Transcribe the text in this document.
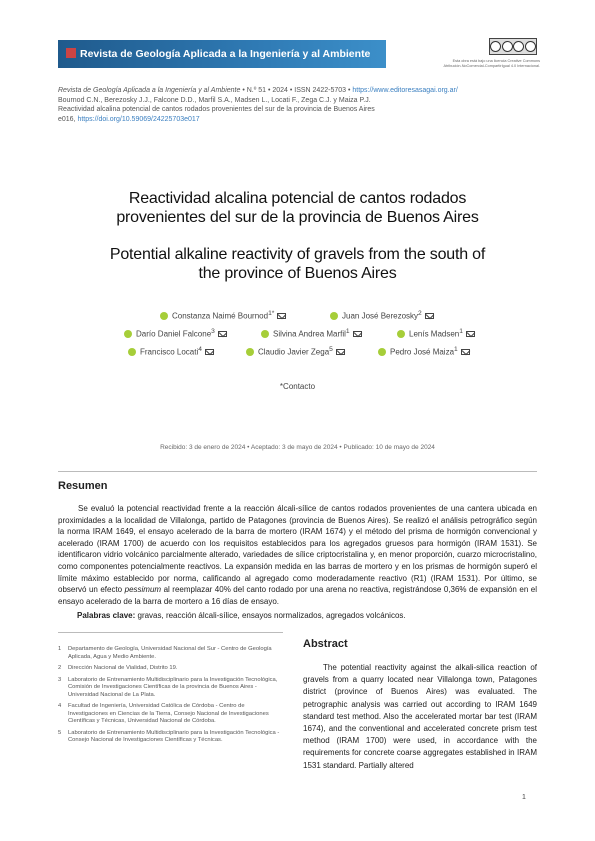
Revista de Geología Aplicada a la Ingeniería y al Ambiente
Esta obra está bajo una licencia Creative Commons Atribución-NoComercial-CompartirIgual 4.0 Internacional.
Revista de Geología Aplicada a la Ingeniería y al Ambiente • N.º 51 • 2024 • ISSN 2422-5703 • https://www.editoresasagai.org.ar/
Bournod C.N., Berezosky J.J., Falcone D.D., Marfil S.A., Madsen L., Locati F., Zega C.J. y Maiza P.J.
Reactividad alcalina potencial de cantos rodados provenientes del sur de la provincia de Buenos Aires
e016, https://doi.org/10.59069/24225703e017
Reactividad alcalina potencial de cantos rodados
provenientes del sur de la provincia de Buenos Aires
Potential alkaline reactivity of gravels from the south of
the province of Buenos Aires
Constanza Naimé Bournod$^{1*}$	Juan José Berezosky$^2$
Darío Daniel Falcone$^3$	Silvina Andrea Marfil$^1$	Lenís Madsen$^1$
Francisco Locati$^4$	Claudio Javier Zega$^5$	Pedro José Maiza$^1$
*Contacto
Recibido: 3 de enero de 2024 • Aceptado: 3 de mayo de 2024 • Publicado: 10 de mayo de 2024
Resumen
Se evaluó la potencial reactividad frente a la reacción álcali-sílice de cantos rodados provenientes de una cantera ubicada en proximidades a la localidad de Villalonga, partido de Patagones (provincia de Buenos Aires). Se realizó el análisis petrográfico según la norma IRAM 1649, el ensayo acelerado de la barra de mortero (IRAM 1674) y el método del prisma de hormigón convencional y acelerado (IRAM 1700) de acuerdo con los requisitos establecidos para los agregados gruesos para hormigón (IRAM 1531). Se identificaron vidrio volcánico parcialmente alterado, variedades de sílice criptocristalina y, en menor proporción, cuarzo microcristalino, como componentes potencialmente reactivos. La expansión medida en las barras de mortero y en los prismas de hormigón superó el límite máximo establecido por norma, calificando al agregado como moderadamente reactivo (R1) (IRAM 1531). Por último, se observó un efecto pessimum al reemplazar 40% del canto rodado por una arena no reactiva, registrándose 0,36% de expansión en el ensayo acelerado de la barra de mortero a 16 días de ensayo.
Palabras clave: gravas, reacción álcali-sílice, ensayos normalizados, agregados volcánicos.
1	Departamento de Geología, Universidad Nacional del Sur - Centro de Geología Aplicada, Agua y Medio Ambiente.
2	Dirección Nacional de Vialidad, Distrito 19.
3	Laboratorio de Entrenamiento Multidisciplinario para la Investigación Tecnológica, Comisión de Investigaciones Científicas de la provincia de Buenos Aires - Universidad Nacional de La Plata.
4	Facultad de Ingeniería, Universidad Católica de Córdoba - Centro de Investigaciones en Ciencias de la Tierra, Consejo Nacional de Investigaciones Científicas y Técnicas, Universidad Nacional de Córdoba.
5	Laboratorio de Entrenamiento Multidisciplinario para la Investigación Tecnológica - Consejo Nacional de Investigaciones Científicas y Técnicas.
Abstract
The potential reactivity against the alkali-silica reaction of gravels from a quarry located near Villalonga town, Patagones district (province of Buenos Aires) was evaluated. The petrographic analysis was carried out according to IRAM 1649 standard test method. Also the accelerated mortar bar test (IRAM 1674), and the conventional and accelerated concrete prism test method (IRAM 1700) were used, in accordance with the requirements for concrete coarse aggregates established in IRAM 1531 standard. Partially altered
1
